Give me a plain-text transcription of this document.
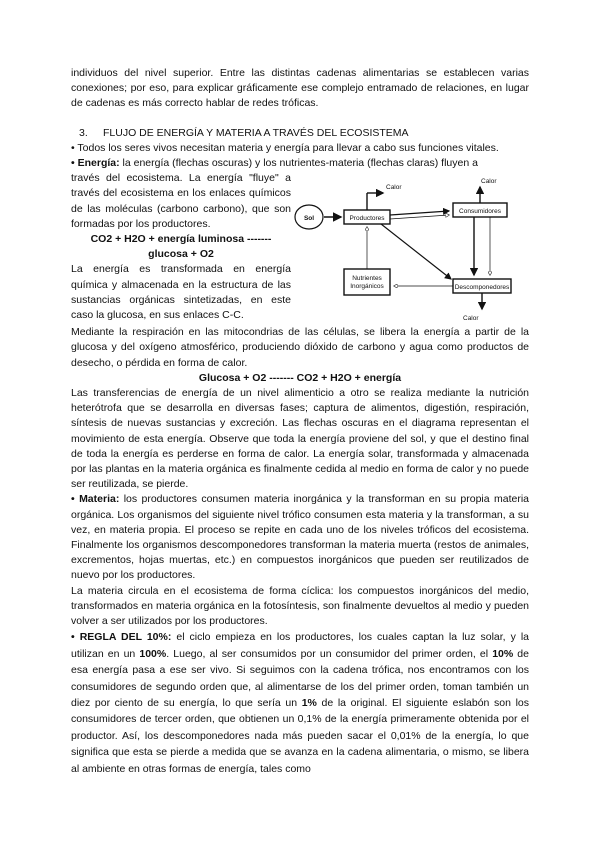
individuos del nivel superior. Entre las distintas cadenas alimentarias se establecen varias conexiones; por eso, para explicar gráficamente ese complejo entramado de relaciones, en lugar de cadenas es más correcto hablar de redes tróficas.

3. FLUJO DE ENERGÍA Y MATERIA A TRAVÉS DEL ECOSISTEMA

• Todos los seres vivos necesitan materia y energía para llevar a cabo sus funciones vitales.

• Energía: la energía (flechas oscuras) y los nutrientes-materia (flechas claras) fluyen a

través del ecosistema. La energía "fluye" a través del ecosistema en los enlaces químicos de las moléculas (carbono carbono), que son formadas por los productores.

CO2 + H2O + energía luminosa -------
glucosa + O2

La energía es transformada en energía química y almacenada en la estructura de las sustancias orgánicas sintetizadas, en este caso la glucosa, en sus enlaces C-C.

Sol	Productores
Calor
Consumidores
Calor
Descomponedores
Nutrientes
Inorgánicos
Calor

Mediante la respiración en las mitocondrias de las células, se libera la energía a partir de la glucosa y del oxígeno atmosférico, produciendo dióxido de carbono y agua como productos de desecho, o pérdida en forma de calor.

Glucosa + O2 ------- CO2 + H2O + energía

Las transferencias de energía de un nivel alimenticio a otro se realiza mediante la nutrición heterótrofa que se desarrolla en diversas fases; captura de alimentos, digestión, respiración, síntesis de nuevas sustancias y excreción. Las flechas oscuras en el diagrama representan el movimiento de esta energía. Observe que toda la energía proviene del sol, y que el destino final de toda la energía es perderse en forma de calor. La energía solar, transformada y almacenada por las plantas en la materia orgánica es finalmente cedida al medio en forma de calor y no puede ser reutilizada, se pierde.

• Materia: los productores consumen materia inorgánica y la transforman en su propia materia orgánica. Los organismos del siguiente nivel trófico consumen esta materia y la transforman, a su vez, en materia propia. El proceso se repite en cada uno de los niveles tróficos del ecosistema. Finalmente los organismos descomponedores transforman la materia muerta (restos de animales, excrementos, hojas muertas, etc.) en compuestos inorgánicos que pueden ser reutilizados de nuevo por los productores.

La materia circula en el ecosistema de forma cíclica: los compuestos inorgánicos del medio, transformados en materia orgánica en la fotosíntesis, son finalmente devueltos al medio y pueden volver a ser utilizados por los productores.

• REGLA DEL 10%: el ciclo empieza en los productores, los cuales captan la luz solar, y la utilizan en un 100%. Luego, al ser consumidos por un consumidor del primer orden, el 10% de esa energía pasa a ese ser vivo. Si seguimos con la cadena trófica, nos encontramos con los consumidores de segundo orden que, al alimentarse de los del primer orden, toman también un diez por ciento de su energía, lo que sería un 1% de la original. El siguiente eslabón son los consumidores de tercer orden, que obtienen un 0,1% de la energía primeramente obtenida por el productor. Así, los descomponedores nada más pueden sacar el 0,01% de la energía, lo que significa que esta se pierde a medida que se avanza en la cadena alimentaria, o mismo, se libera al ambiente en otras formas de energía, tales como
